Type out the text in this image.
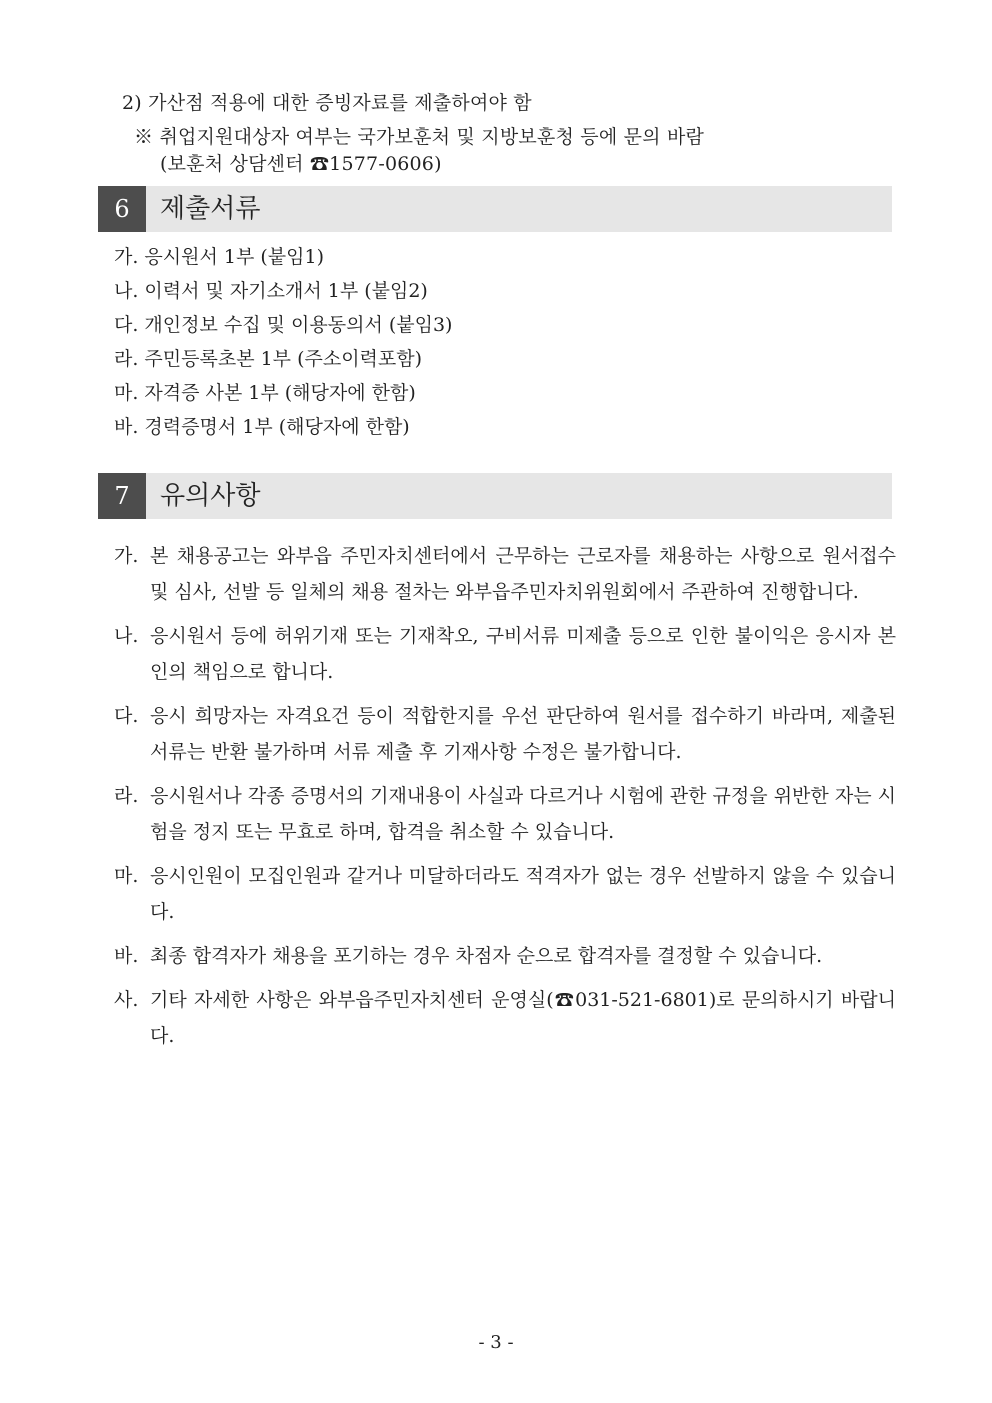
2) 가산점 적용에 대한 증빙자료를 제출하여야 함
※ 취업지원대상자 여부는 국가보훈처 및 지방보훈청 등에 문의 바람
(보훈처 상담센터 ☎1577-0606)
6	제출서류
가. 응시원서 1부 (붙임1)
나. 이력서 및 자기소개서 1부 (붙임2)
다. 개인정보 수집 및 이용동의서 (붙임3)
라. 주민등록초본 1부 (주소이력포함)
마. 자격증 사본 1부 (해당자에 한함)
바. 경력증명서 1부 (해당자에 한함)
7	유의사항
가. 본 채용공고는 와부읍 주민자치센터에서 근무하는 근로자를 채용하는 사항으로 원서접수 및 심사, 선발 등 일체의 채용 절차는 와부읍주민자치위원회에서 주관하여 진행합니다.
나. 응시원서 등에 허위기재 또는 기재착오, 구비서류 미제출 등으로 인한 불이익은 응시자 본인의 책임으로 합니다.
다. 응시 희망자는 자격요건 등이 적합한지를 우선 판단하여 원서를 접수하기 바라며, 제출된 서류는 반환 불가하며 서류 제출 후 기재사항 수정은 불가합니다.
라. 응시원서나 각종 증명서의 기재내용이 사실과 다르거나 시험에 관한 규정을 위반한 자는 시험을 정지 또는 무효로 하며, 합격을 취소할 수 있습니다.
마. 응시인원이 모집인원과 같거나 미달하더라도 적격자가 없는 경우 선발하지 않을 수 있습니다.
바. 최종 합격자가 채용을 포기하는 경우 차점자 순으로 합격자를 결정할 수 있습니다.
사. 기타 자세한 사항은 와부읍주민자치센터 운영실(☎031-521-6801)로 문의하시기 바랍니다.
- 3 -
